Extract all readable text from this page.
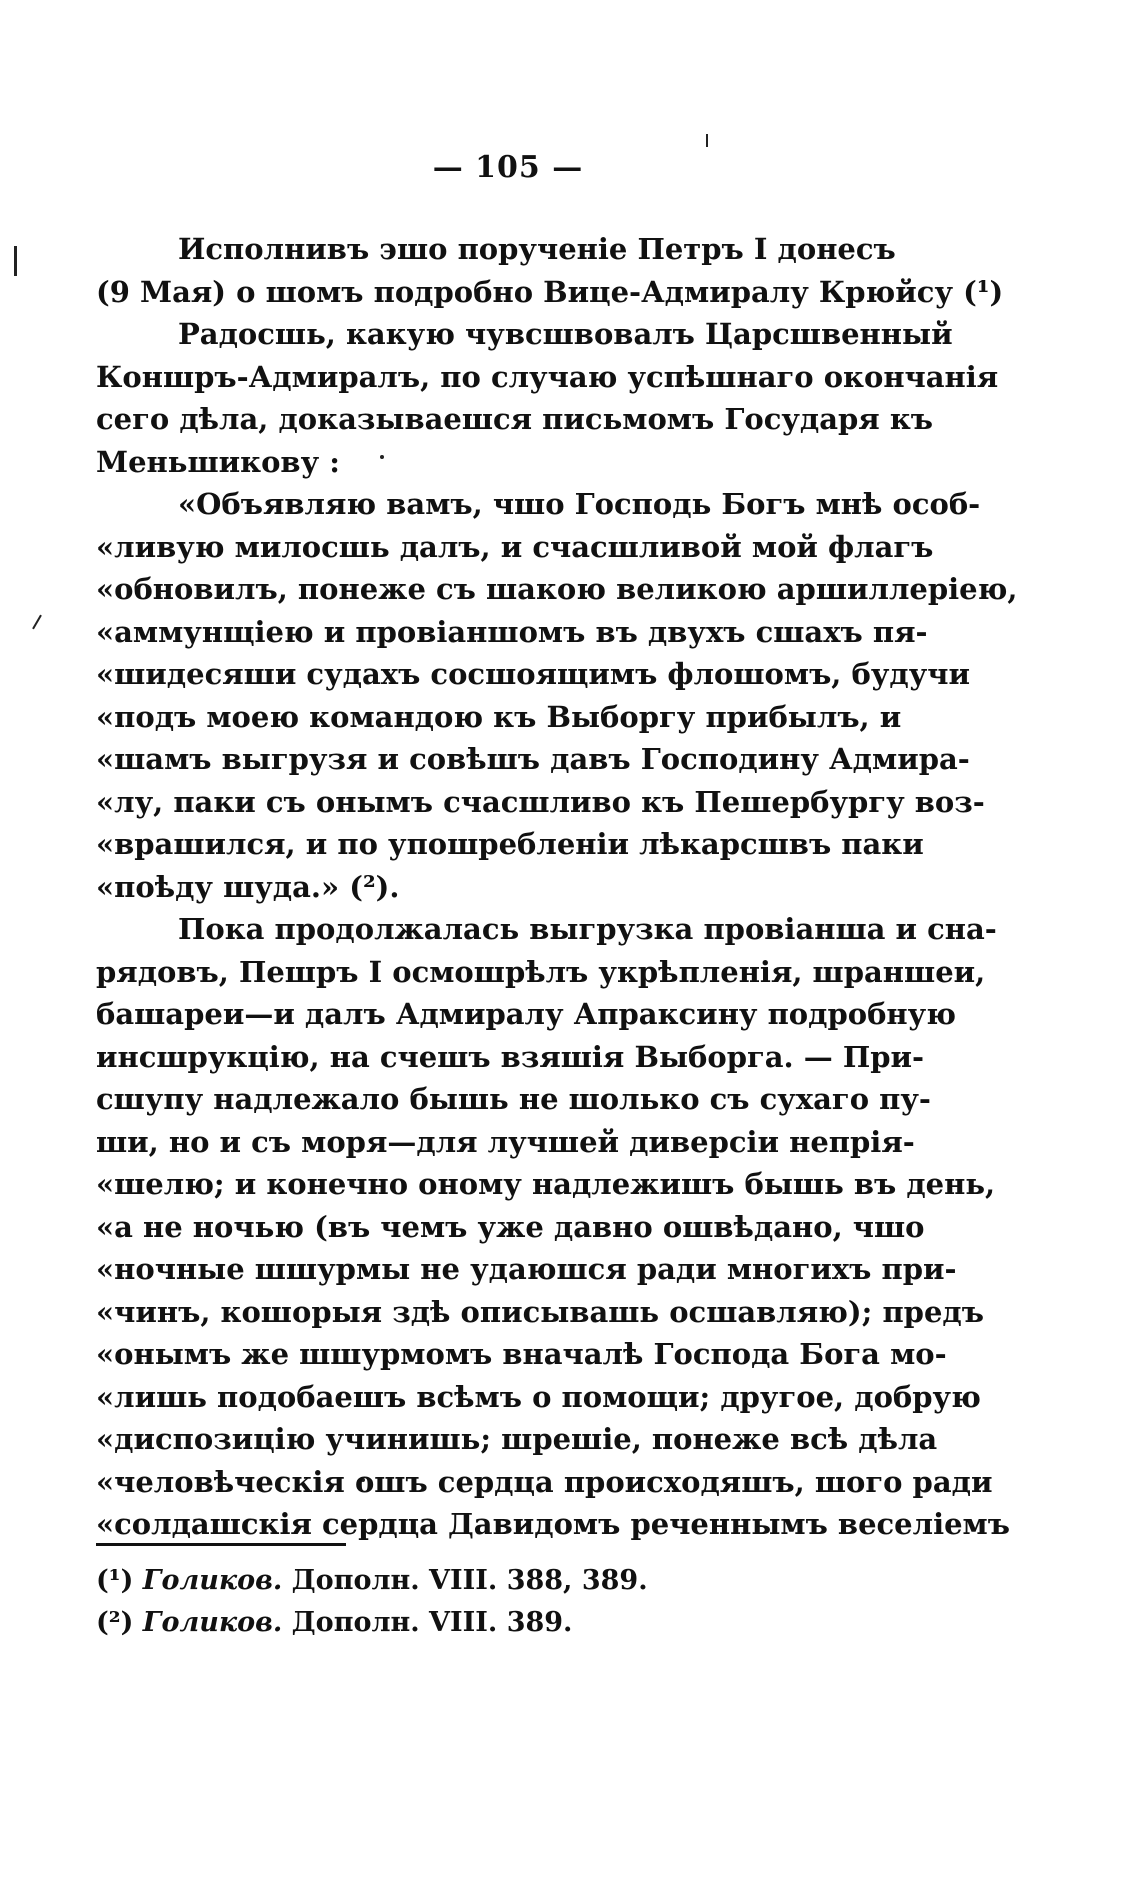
— 105 —
Исполнивъ эшо порученіе Петръ I донесъ
(9 Мая) о шомъ подробно Вице-Адмиралу Крюйсу (¹)
Радосшь, какую чувсшвовалъ Царсшвенный
Коншръ-Адмиралъ, по случаю успѣшнаго окончанія
сего дѣла, доказываешся письмомъ Государя къ
Меньшикову :
«Объявляю вамъ, чшо Господь Богъ мнѣ особ-
«ливую милосшь далъ, и счасшливой мой флагъ
«обновилъ, понеже съ шакою великою аршиллеріею,
«аммунщіею и провіаншомъ въ двухъ сшахъ пя-
«шидесяши судахъ сосшоящимъ флошомъ, будучи
«подъ моею командою къ Выборгу прибылъ, и
«шамъ выгрузя и совѣшъ давъ Господину Адмира-
«лу, паки съ онымъ счасшливо къ Пешербургу воз-
«врашился, и по упошребленіи лѣкарсшвъ паки
«поѣду шуда.» (²).
Пока продолжалась выгрузка провіанша и сна-
рядовъ, Пешръ I осмошрѣлъ укрѣпленія, шраншеи,
башареи—и далъ Адмиралу Апраксину подробную
инсшрукцію, на счешъ взяшія Выборга. — При-
сшупу надлежало бышь не шолько съ сухаго пу-
ши, но и съ моря—для лучшей диверсіи непрія-
«шелю; и конечно оному надлежишъ бышь въ день,
«а не ночью (въ чемъ уже давно ошвѣдано, чшо
«ночные шшурмы не удаюшся ради многихъ при-
«чинъ, кошорыя здѣ описывашь осшавляю); предъ
«онымъ же шшурмомъ вначалѣ Господа Бога мо-
«лишь подобаешъ всѣмъ о помощи; другое, добрую
«диспозицію учинишь; шрешіе, понеже всѣ дѣла
«человѣческія ошъ сердца происходяшъ, шого ради
«солдашскія сердца Давидомъ реченнымъ веселіемъ
(¹) Голиков. Дополн. VIII. 388, 389.
(²) Голиков. Дополн. VIII. 389.
